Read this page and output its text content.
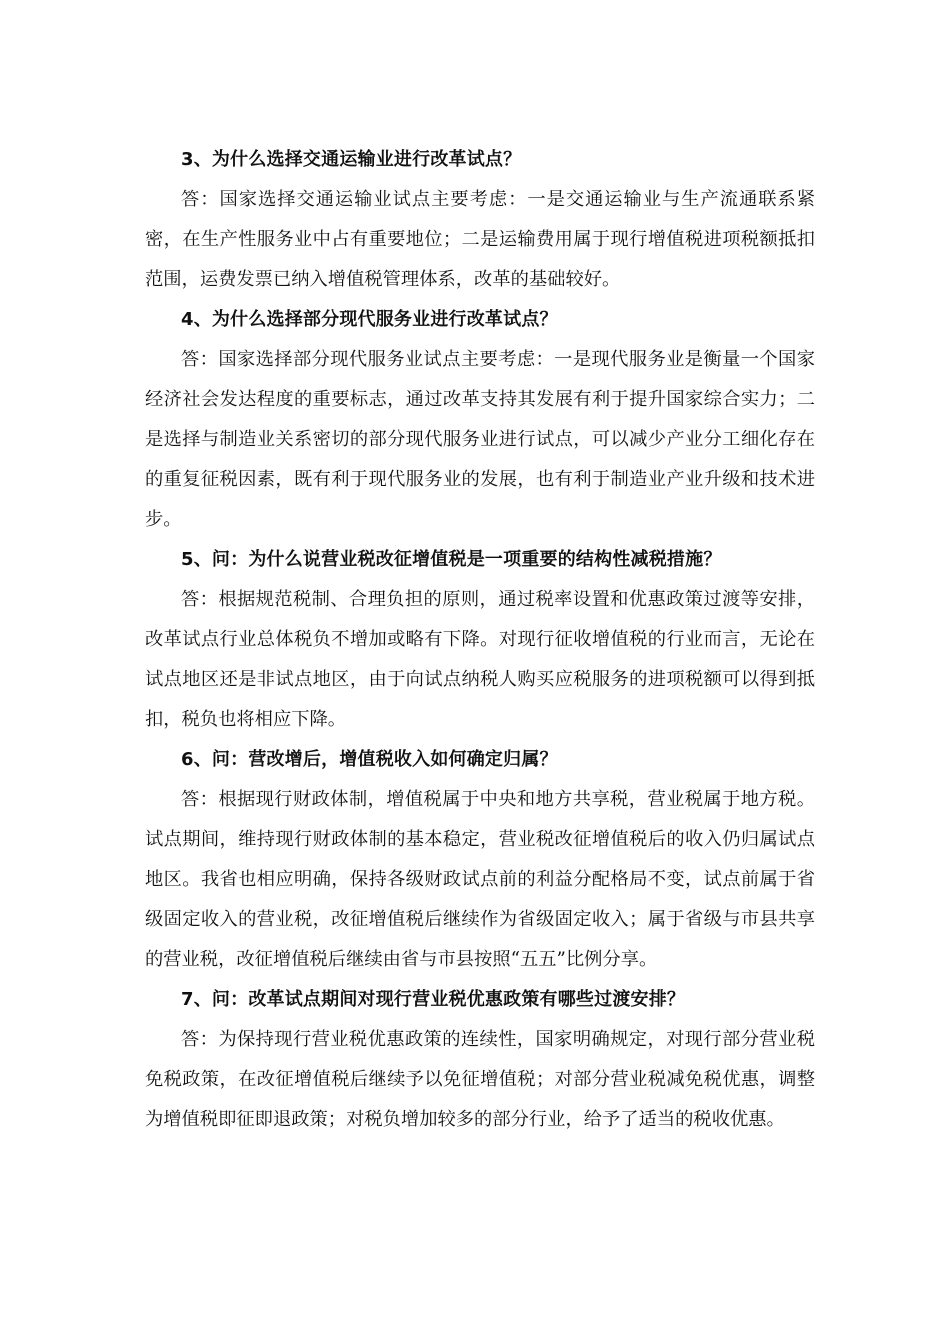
3、为什么选择交通运输业进行改革试点？

答：国家选择交通运输业试点主要考虑：一是交通运输业与生产流通联系紧密，在生产性服务业中占有重要地位；二是运输费用属于现行增值税进项税额抵扣范围，运费发票已纳入增值税管理体系，改革的基础较好。

4、为什么选择部分现代服务业进行改革试点？

答：国家选择部分现代服务业试点主要考虑：一是现代服务业是衡量一个国家经济社会发达程度的重要标志，通过改革支持其发展有利于提升国家综合实力；二是选择与制造业关系密切的部分现代服务业进行试点，可以减少产业分工细化存在的重复征税因素，既有利于现代服务业的发展，也有利于制造业产业升级和技术进步。

5、问：为什么说营业税改征增值税是一项重要的结构性减税措施？

答：根据规范税制、合理负担的原则，通过税率设置和优惠政策过渡等安排，改革试点行业总体税负不增加或略有下降。对现行征收增值税的行业而言，无论在试点地区还是非试点地区，由于向试点纳税人购买应税服务的进项税额可以得到抵扣，税负也将相应下降。

6、问：营改增后，增值税收入如何确定归属？

答：根据现行财政体制，增值税属于中央和地方共享税，营业税属于地方税。试点期间，维持现行财政体制的基本稳定，营业税改征增值税后的收入仍归属试点地区。我省也相应明确，保持各级财政试点前的利益分配格局不变，试点前属于省级固定收入的营业税，改征增值税后继续作为省级固定收入；属于省级与市县共享的营业税，改征增值税后继续由省与市县按照“五五”比例分享。

7、问：改革试点期间对现行营业税优惠政策有哪些过渡安排？

答：为保持现行营业税优惠政策的连续性，国家明确规定，对现行部分营业税免税政策，在改征增值税后继续予以免征增值税；对部分营业税减免税优惠，调整为增值税即征即退政策；对税负增加较多的部分行业，给予了适当的税收优惠。
